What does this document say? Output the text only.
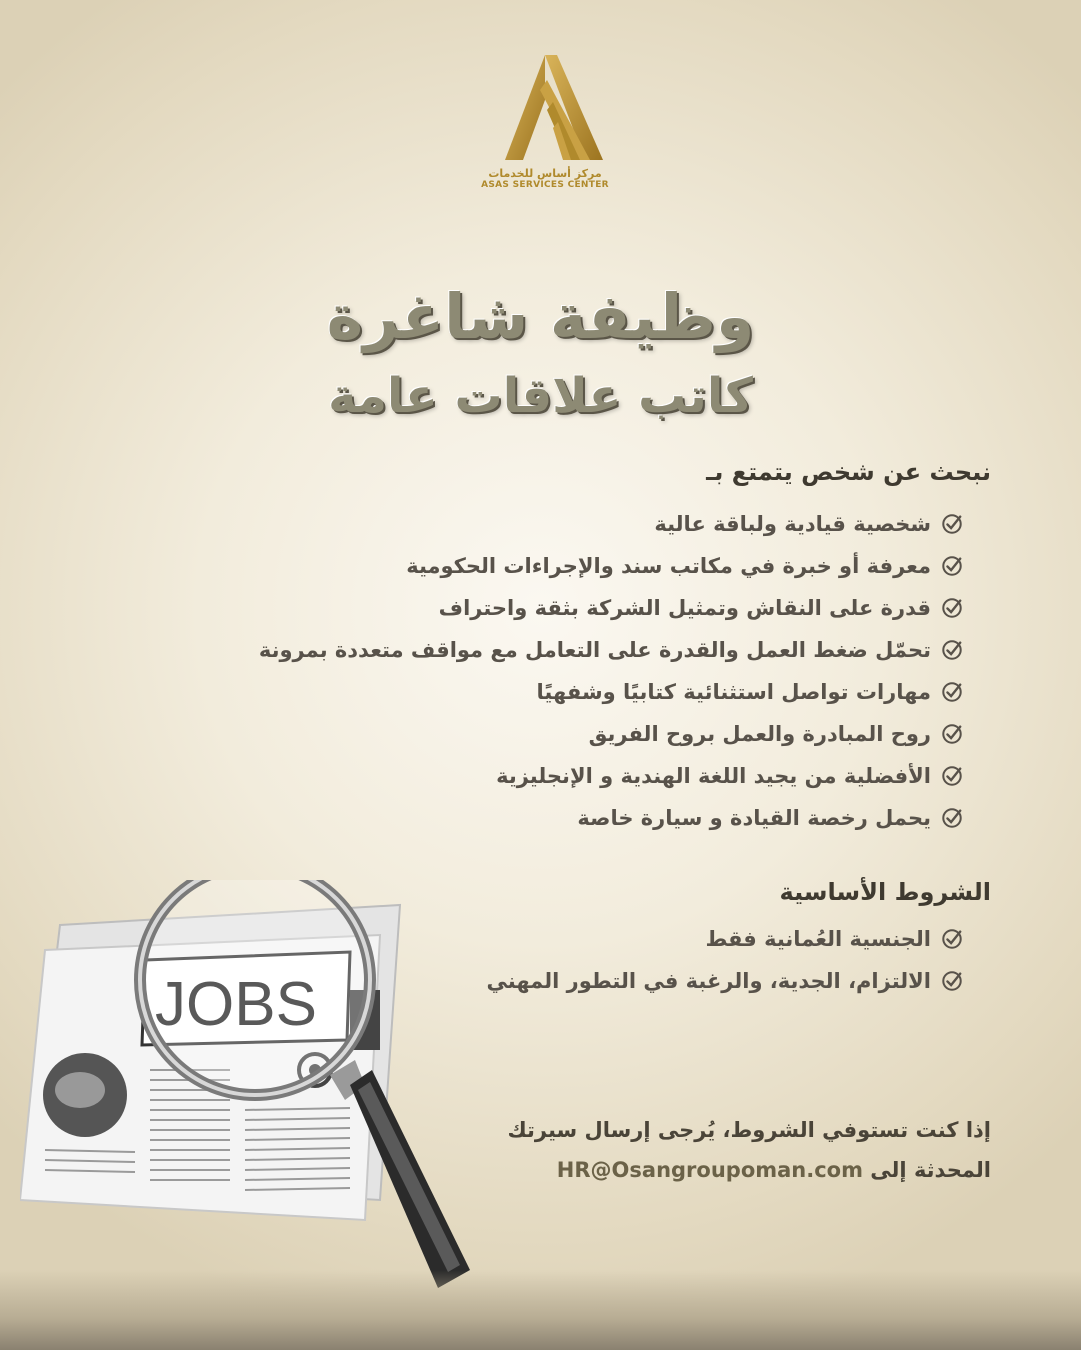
مركز أساس للخدمات
ASAS SERVICES CENTER
وظيفة شاغرة
كاتب علاقات عامة
نبحث عن شخص يتمتع بـ
شخصية قيادية ولباقة عالية
معرفة أو خبرة في مكاتب سند والإجراءات الحكومية
قدرة على النقاش وتمثيل الشركة بثقة واحتراف
تحمّل ضغط العمل والقدرة على التعامل مع مواقف متعددة بمرونة
مهارات تواصل استثنائية كتابيًا وشفهيًا
روح المبادرة والعمل بروح الفريق
الأفضلية من يجيد اللغة الهندية و الإنجليزية
يحمل رخصة القيادة و سيارة خاصة
الشروط الأساسية
الجنسية العُمانية فقط
الالتزام، الجدية، والرغبة في التطور المهني
إذا كنت تستوفي الشروط، يُرجى إرسال سيرتك
المحدثة إلى HR@Osangroupoman.com
